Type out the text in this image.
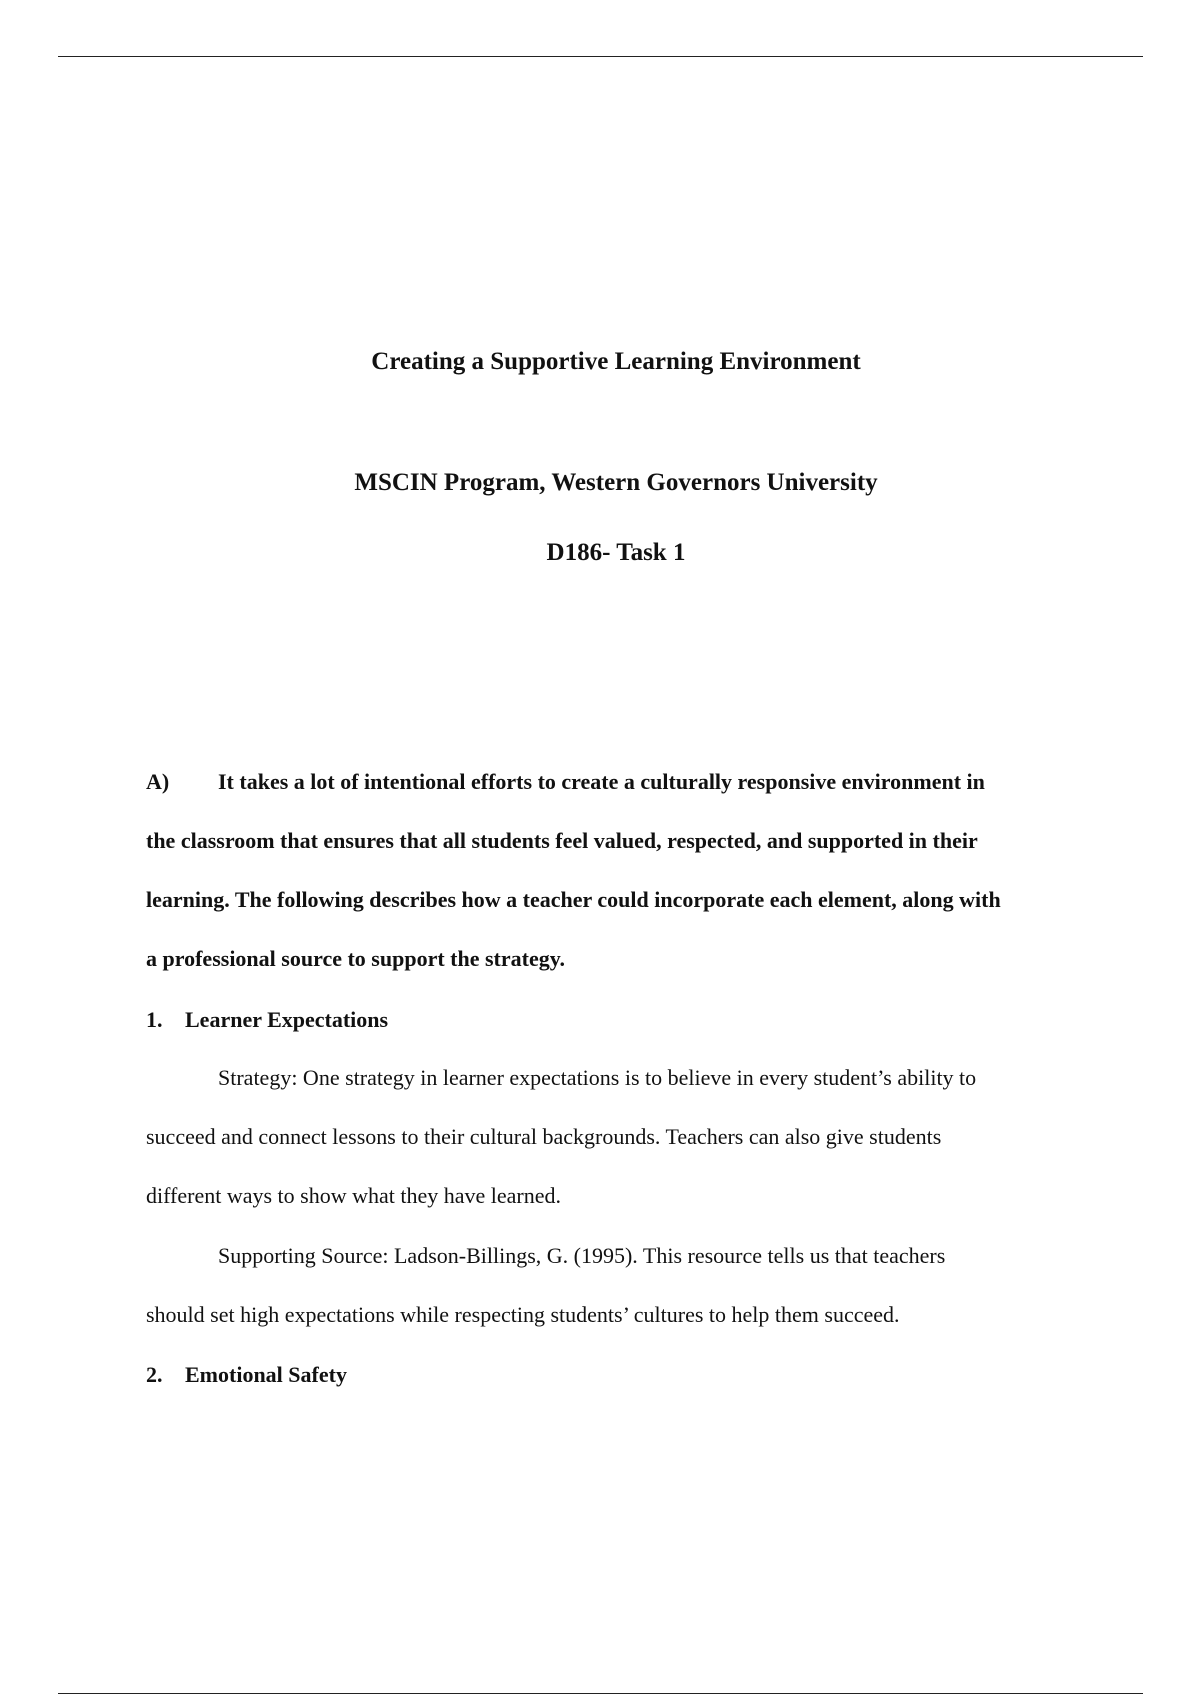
Creating a Supportive Learning Environment
MSCIN Program, Western Governors University
D186- Task 1
A) It takes a lot of intentional efforts to create a culturally responsive environment in
the classroom that ensures that all students feel valued, respected, and supported in their
learning. The following describes how a teacher could incorporate each element, along with
a professional source to support the strategy.
1. Learner Expectations
Strategy: One strategy in learner expectations is to believe in every student’s ability to
succeed and connect lessons to their cultural backgrounds. Teachers can also give students
different ways to show what they have learned.
Supporting Source: Ladson-Billings, G. (1995). This resource tells us that teachers
should set high expectations while respecting students’ cultures to help them succeed.
2. Emotional Safety
